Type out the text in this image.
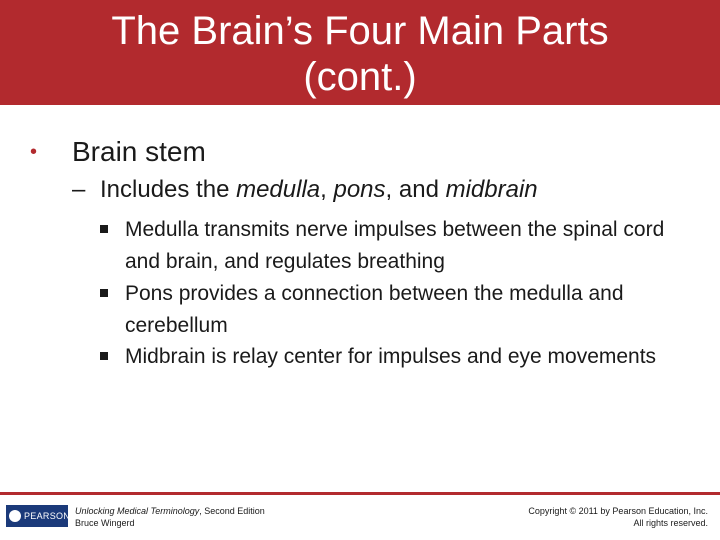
The Brain’s Four Main Parts
(cont.)
• Brain stem
– Includes the medulla, pons, and midbrain
Medulla transmits nerve impulses between the spinal cord and brain, and regulates breathing
Pons provides a connection between the medulla and cerebellum
Midbrain is relay center for impulses and eye movements
PEARSON Unlocking Medical Terminology, Second Edition
Bruce Wingerd
Copyright © 2011 by Pearson Education, Inc.
All rights reserved.
